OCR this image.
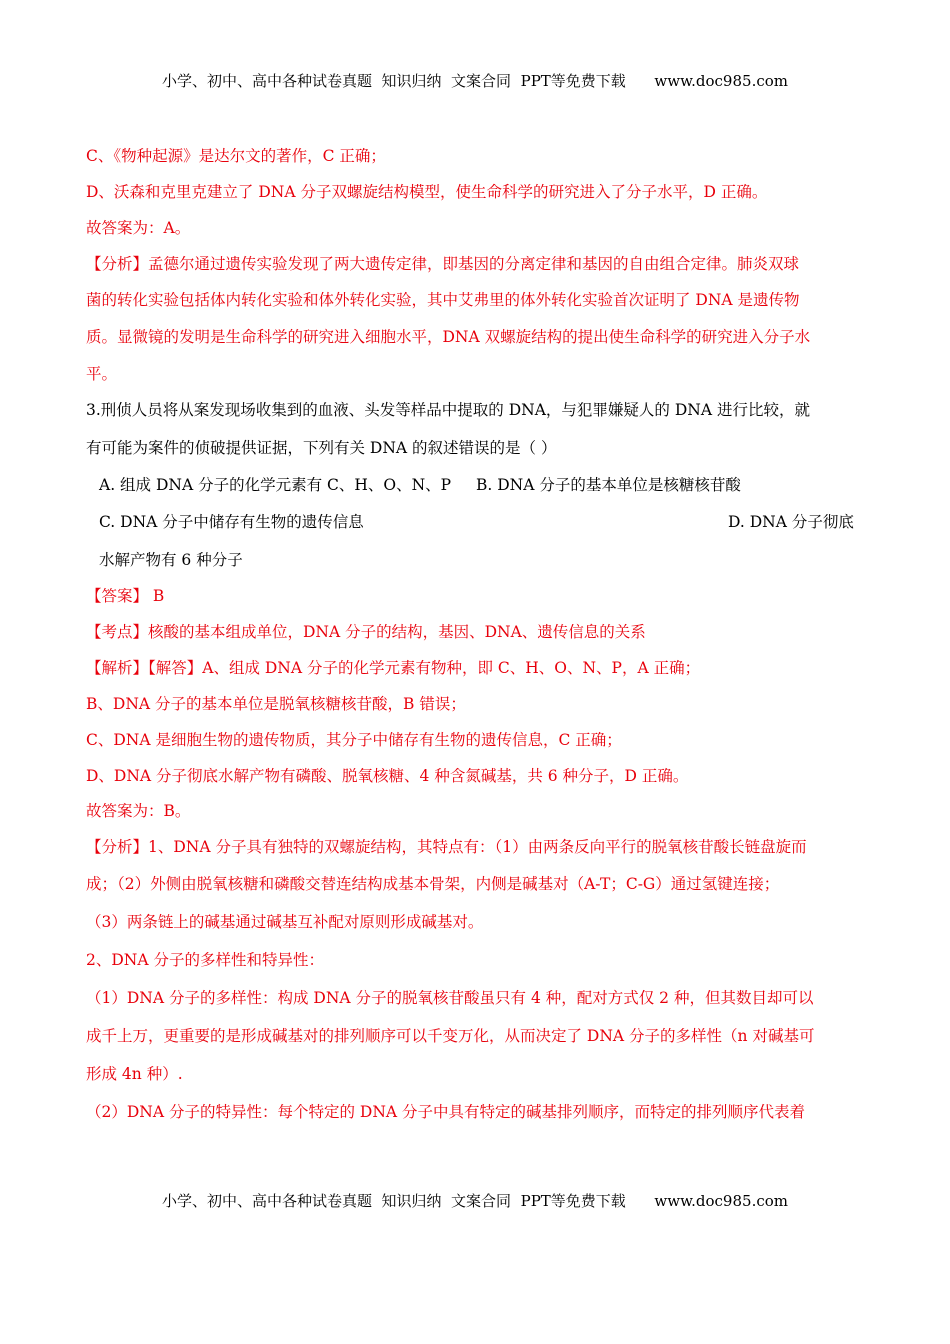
小学、初中、高中各种试卷真题  知识归纳  文案合同  PPT等免费下载      www.doc985.com
C、《物种起源》是达尔文的著作，C 正确；
D、沃森和克里克建立了 DNA 分子双螺旋结构模型，使生命科学的研究进入了分子水平，D 正确。
故答案为：A。
【分析】孟德尔通过遗传实验发现了两大遗传定律，即基因的分离定律和基因的自由组合定律。肺炎双球
菌的转化实验包括体内转化实验和体外转化实验，其中艾弗里的体外转化实验首次证明了 DNA 是遗传物
质。显微镜的发明是生命科学的研究进入细胞水平，DNA 双螺旋结构的提出使生命科学的研究进入分子水
平。
3.刑侦人员将从案发现场收集到的血液、头发等样品中提取的 DNA，与犯罪嫌疑人的 DNA 进行比较，就
有可能为案件的侦破提供证据，下列有关 DNA 的叙述错误的是（ ）
A. 组成 DNA 分子的化学元素有 C、H、O、N、P B. DNA 分子的基本单位是核糖核苷酸
C. DNA 分子中储存有生物的遗传信息	D. DNA 分子彻底
水解产物有 6 种分子
【答案】 B
【考点】核酸的基本组成单位，DNA 分子的结构，基因、DNA、遗传信息的关系
【解析】【解答】A、组成 DNA 分子的化学元素有物种，即 C、H、O、N、P，A 正确；
B、DNA 分子的基本单位是脱氧核糖核苷酸，B 错误；
C、DNA 是细胞生物的遗传物质，其分子中储存有生物的遗传信息，C 正确；
D、DNA 分子彻底水解产物有磷酸、脱氧核糖、4 种含氮碱基，共 6 种分子，D 正确。
故答案为：B。
【分析】1、DNA 分子具有独特的双螺旋结构，其特点有：（1）由两条反向平行的脱氧核苷酸长链盘旋而
成；（2）外侧由脱氧核糖和磷酸交替连结构成基本骨架，内侧是碱基对（A-T；C-G）通过氢键连接；
（3）两条链上的碱基通过碱基互补配对原则形成碱基对。
2、DNA 分子的多样性和特异性：
（1）DNA 分子的多样性：构成 DNA 分子的脱氧核苷酸虽只有 4 种，配对方式仅 2 种，但其数目却可以
成千上万，更重要的是形成碱基对的排列顺序可以千变万化，从而决定了 DNA 分子的多样性（n 对碱基可
形成 4n 种）.
（2）DNA 分子的特异性：每个特定的 DNA 分子中具有特定的碱基排列顺序，而特定的排列顺序代表着
小学、初中、高中各种试卷真题  知识归纳  文案合同  PPT等免费下载      www.doc985.com
